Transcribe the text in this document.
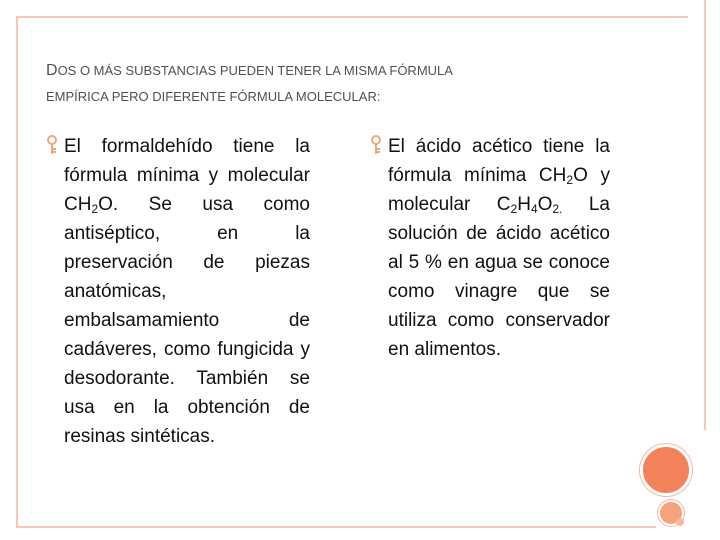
DOS O MÁS SUBSTANCIAS PUEDEN TENER LA MISMA FÓRMULA
EMPÍRICA PERO DIFERENTE FÓRMULA MOLECULAR:
El formaldehído tiene la fórmula mínima y molecular $CH_2O$. Se usa como antiséptico, en la preservación de piezas anatómicas, embalsamamiento de cadáveres, como fungicida y desodorante. También se usa en la obtención de resinas sintéticas.
El ácido acético tiene la fórmula mínima $CH_2O$ y molecular $C_2H_4O_{2.}$ La solución de ácido acético al 5 % en agua se conoce como vinagre que se utiliza como conservador en alimentos.
